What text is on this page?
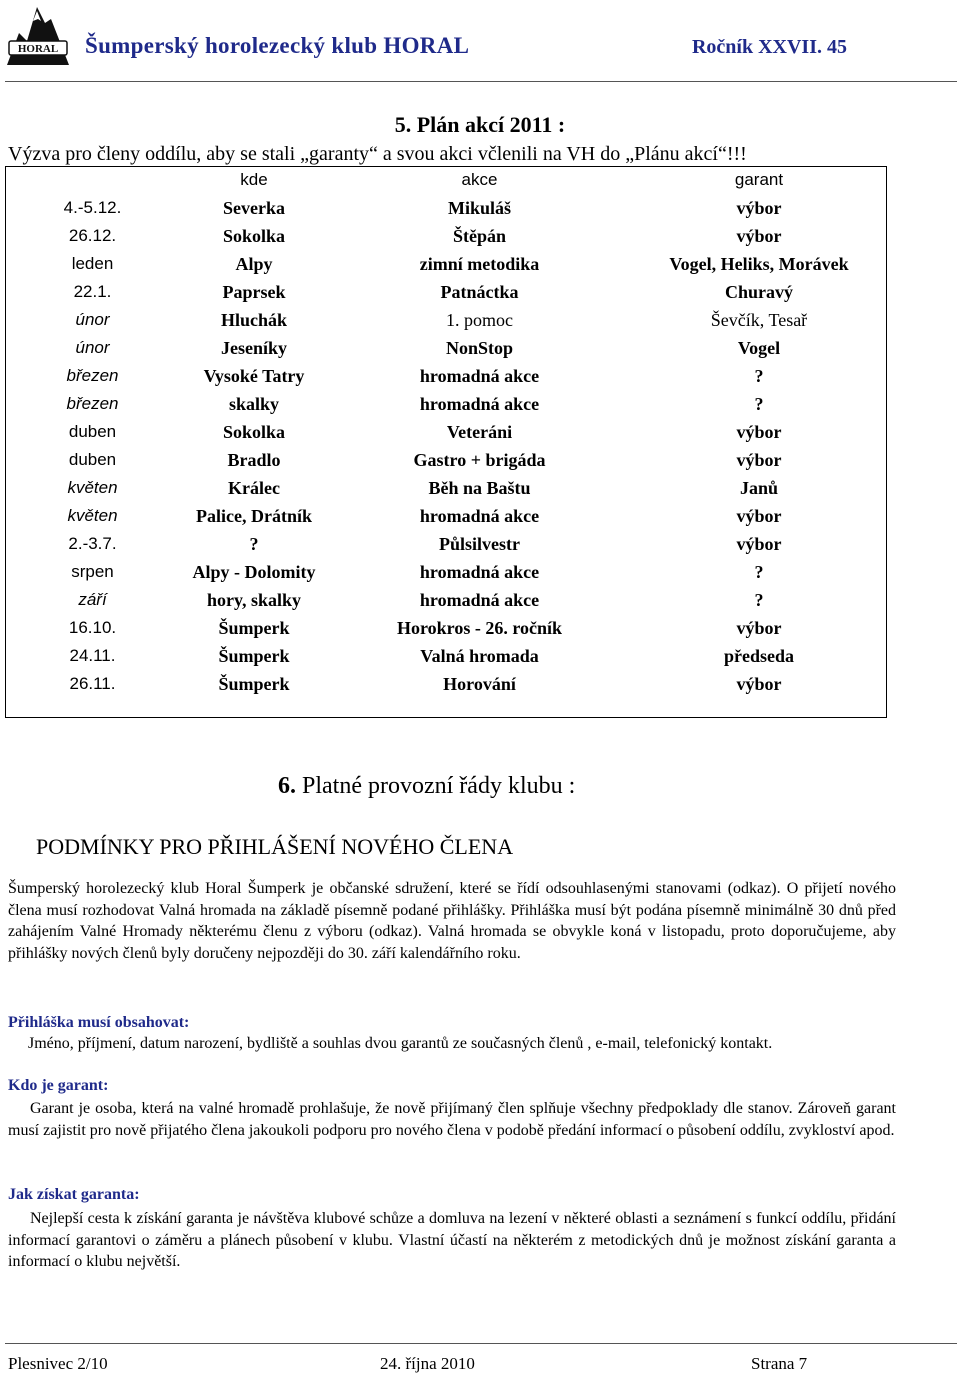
HORAL Šumperský horolezecký klub HORAL	Ročník XXVII. 45
5. Plán akcí 2011 :
Výzva pro členy oddílu, aby se stali „garanty“ a svou akci včlenili na VH do „Plánu akcí“!!!
	kde	akce	garant
4.-5.12.	Severka	Mikuláš	výbor
26.12.	Sokolka	Štěpán	výbor
leden	Alpy	zimní metodika	Vogel, Heliks, Morávek
22.1.	Paprsek	Patnáctka	Churavý
únor	Hluchák	1. pomoc	Ševčík, Tesař
únor	Jeseníky	NonStop	Vogel
březen	Vysoké Tatry	hromadná akce	?
březen	skalky	hromadná akce	?
duben	Sokolka	Veteráni	výbor
duben	Bradlo	Gastro + brigáda	výbor
květen	Králec	Běh na Baštu	Janů
květen	Palice, Drátník	hromadná akce	výbor
2.-3.7.	?	Půlsilvestr	výbor
srpen	Alpy - Dolomity	hromadná akce	?
září	hory, skalky	hromadná akce	?
16.10.	Šumperk	Horokros - 26. ročník	výbor
24.11.	Šumperk	Valná hromada	předseda
26.11.	Šumperk	Horování	výbor
6. Platné provozní řády klubu :
PODMÍNKY PRO PŘIHLÁŠENÍ NOVÉHO ČLENA
Šumperský horolezecký klub Horal Šumperk je občanské sdružení, které se řídí odsouhlasenými stanovami (odkaz). O přijetí nového člena musí rozhodovat Valná hromada na základě písemně podané přihlášky. Přihláška musí být podána písemně minimálně 30 dnů před zahájením Valné Hromady některému členu z výboru (odkaz). Valná hromada se obvykle koná v listopadu, proto doporučujeme, aby přihlášky nových členů byly doručeny nejpozději do 30. září kalendářního roku.
Přihláška musí obsahovat:
Jméno, příjmení, datum narození, bydliště a souhlas dvou garantů ze současných členů , e-mail, telefonický kontakt.
Kdo je garant:
Garant je osoba, která na valné hromadě prohlašuje, že nově přijímaný člen splňuje všechny předpoklady dle stanov. Zároveň garant musí zajistit pro nově přijatého člena jakoukoli podporu pro nového člena v podobě předání informací o působení oddílu, zvykloství apod.
Jak získat garanta:
Nejlepší cesta k získání garanta je návštěva klubové schůze a domluva na lezení v některé oblasti a seznámení s funkcí oddílu, přidání informací garantovi o záměru a plánech působení v klubu. Vlastní účastí na některém z metodických dnů je možnost získání garanta a informací o klubu největší.
Plesnivec 2/10	24. října 2010	Strana 7
